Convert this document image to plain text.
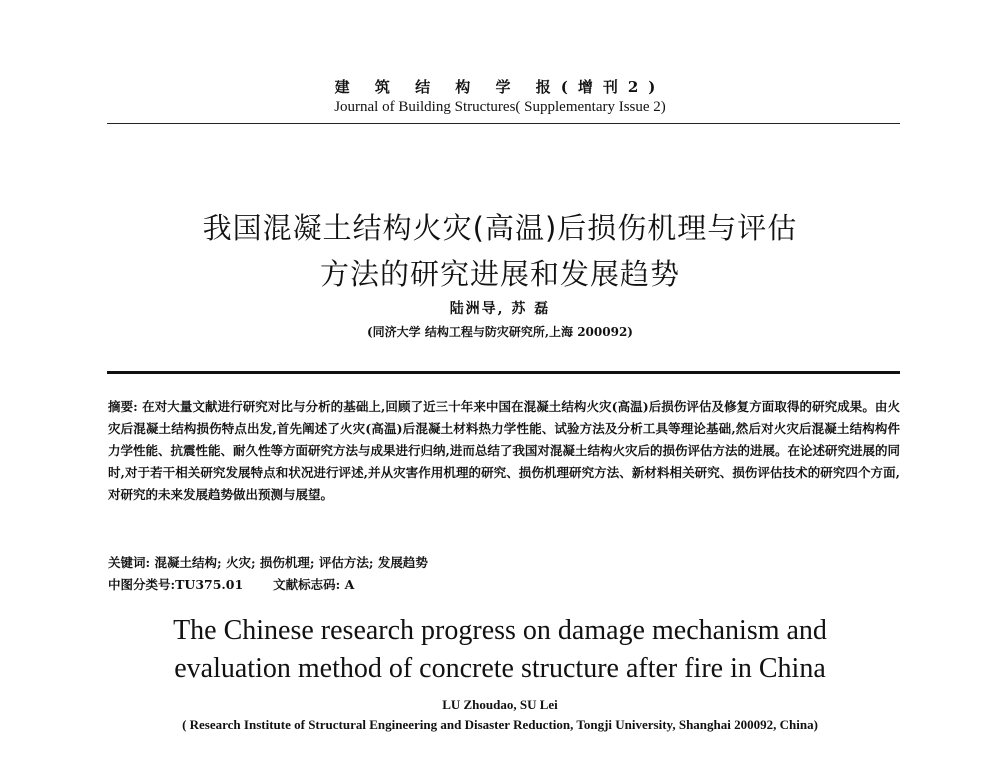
建 筑 结 构 学 报(增刊2)
Journal of Building Structures( Supplementary Issue 2)
我国混凝土结构火灾(高温)后损伤机理与评估
方法的研究进展和发展趋势
陆洲导, 苏 磊
(同济大学 结构工程与防灾研究所,上海 200092)
摘要: 在对大量文献进行研究对比与分析的基础上,回顾了近三十年来中国在混凝土结构火灾(高温)后损伤评估及修复方面取得的研究成果。由火灾后混凝土结构损伤特点出发,首先阐述了火灾(高温)后混凝土材料热力学性能、试验方法及分析工具等理论基础,然后对火灾后混凝土结构构件力学性能、抗震性能、耐久性等方面研究方法与成果进行归纳,进而总结了我国对混凝土结构火灾后的损伤评估方法的进展。在论述研究进展的同时,对于若干相关研究发展特点和状况进行评述,并从灾害作用机理的研究、损伤机理研究方法、新材料相关研究、损伤评估技术的研究四个方面,对研究的未来发展趋势做出预测与展望。
关键词: 混凝土结构; 火灾; 损伤机理; 评估方法; 发展趋势
中图分类号:TU375.01 文献标志码: A
The Chinese research progress on damage mechanism and
evaluation method of concrete structure after fire in China
LU Zhoudao, SU Lei
( Research Institute of Structural Engineering and Disaster Reduction, Tongji University, Shanghai 200092, China)
